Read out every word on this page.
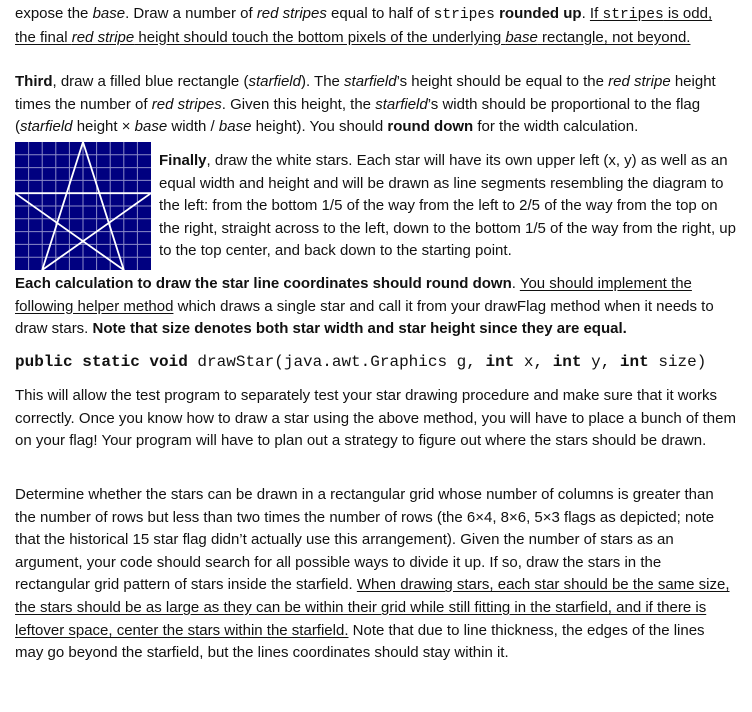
expose the base. Draw a number of red stripes equal to half of stripes rounded up. If stripes is odd,
the final red stripe height should touch the bottom pixels of the underlying base rectangle, not beyond.

Third, draw a filled blue rectangle (starfield). The starfield’s height should be equal to the red stripe height times the number of red stripes. Given this height, the starfield’s width should be proportional to the flag (starfield height × base width / base height). You should round down for the width calculation.

Finally, draw the white stars. Each star will have its own upper left (x, y) as well as an equal width and height and will be drawn as line segments resembling the diagram to the left: from the bottom 1/5 of the way from the left to 2/5 of the way from the top on the right, straight across to the left, down to the bottom 1/5 of the way from the right, up to the top center, and back down to the starting point.

Each calculation to draw the star line coordinates should round down. You should implement the following helper method which draws a single star and call it from your drawFlag method when it needs to draw stars. Note that size denotes both star width and star height since they are equal.

public static void drawStar(java.awt.Graphics g, int x, int y, int size)

This will allow the test program to separately test your star drawing procedure and make sure that it works correctly. Once you know how to draw a star using the above method, you will have to place a bunch of them on your flag! Your program will have to plan out a strategy to figure out where the stars should be drawn.

Determine whether the stars can be drawn in a rectangular grid whose number of columns is greater than the number of rows but less than two times the number of rows (the 6×4, 8×6, 5×3 flags as depicted; note that the historical 15 star flag didn’t actually use this arrangement). Given the number of stars as an argument, your code should search for all possible ways to divide it up. If so, draw the stars in the rectangular grid pattern of stars inside the starfield. When drawing stars, each star should be the same size, the stars should be as large as they can be within their grid while still fitting in the starfield, and if there is leftover space, center the stars within the starfield. Note that due to line thickness, the edges of the lines may go beyond the starfield, but the lines coordinates should stay within it.
